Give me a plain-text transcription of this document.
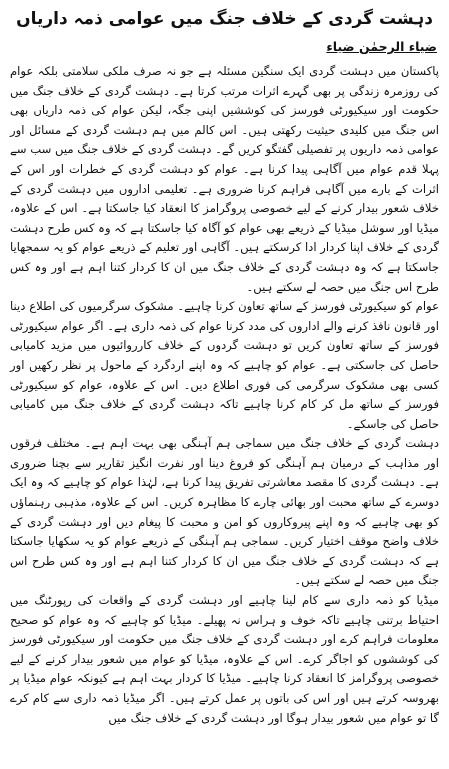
دہشت گردی کے خلاف جنگ میں عوامی ذمہ داریاں
ضیاء الرحمٰن ضیاء

پاکستان میں دہشت گردی ایک سنگین مسئلہ ہے جو نہ صرف ملکی سلامتی بلکہ عوام کی روزمرہ زندگی پر بھی گہرے اثرات مرتب کرتا ہے۔ دہشت گردی کے خلاف جنگ میں حکومت اور سیکیورٹی فورسز کی کوششیں اپنی جگہ، لیکن عوام کی ذمہ داریاں بھی اس جنگ میں کلیدی حیثیت رکھتی ہیں۔ اس کالم میں ہم دہشت گردی کے مسائل اور عوامی ذمہ داریوں پر تفصیلی گفتگو کریں گے۔ دہشت گردی کے خلاف جنگ میں سب سے پہلا قدم عوام میں آگاہی پیدا کرنا ہے۔ عوام کو دہشت گردی کے خطرات اور اس کے اثرات کے بارے میں آگاہی فراہم کرنا ضروری ہے۔ تعلیمی اداروں میں دہشت گردی کے خلاف شعور بیدار کرنے کے لیے خصوصی پروگرامز کا انعقاد کیا جاسکتا ہے۔ اس کے علاوہ، میڈیا اور سوشل میڈیا کے ذریعے بھی عوام کو آگاہ کیا جاسکتا ہے کہ وہ کس طرح دہشت گردی کے خلاف اپنا کردار ادا کرسکتے ہیں۔ آگاہی اور تعلیم کے ذریعے عوام کو یہ سمجھایا جاسکتا ہے کہ وہ دہشت گردی کے خلاف جنگ میں ان کا کردار کتنا اہم ہے اور وہ کس طرح اس جنگ میں حصہ لے سکتے ہیں۔

عوام کو سیکیورٹی فورسز کے ساتھ تعاون کرنا چاہیے۔ مشکوک سرگرمیوں کی اطلاع دینا اور قانون نافذ کرنے والے اداروں کی مدد کرنا عوام کی ذمہ داری ہے۔ اگر عوام سیکیورٹی فورسز کے ساتھ تعاون کریں تو دہشت گردوں کے خلاف کارروائیوں میں مزید کامیابی حاصل کی جاسکتی ہے۔ عوام کو چاہیے کہ وہ اپنے اردگرد کے ماحول پر نظر رکھیں اور کسی بھی مشکوک سرگرمی کی فوری اطلاع دیں۔ اس کے علاوہ، عوام کو سیکیورٹی فورسز کے ساتھ مل کر کام کرنا چاہیے تاکہ دہشت گردی کے خلاف جنگ میں کامیابی حاصل کی جاسکے۔

دہشت گردی کے خلاف جنگ میں سماجی ہم آہنگی بھی بہت اہم ہے۔ مختلف فرقوں اور مذاہب کے درمیان ہم آہنگی کو فروغ دینا اور نفرت انگیز تقاریر سے بچنا ضروری ہے۔ دہشت گردی کا مقصد معاشرتی تفریق پیدا کرنا ہے، لہٰذا عوام کو چاہیے کہ وہ ایک دوسرے کے ساتھ محبت اور بھائی چارے کا مظاہرہ کریں۔ اس کے علاوہ، مذہبی رہنماؤں کو بھی چاہیے کہ وہ اپنے پیروکاروں کو امن و محبت کا پیغام دیں اور دہشت گردی کے خلاف واضح موقف اختیار کریں۔ سماجی ہم آہنگی کے ذریعے عوام کو یہ سکھایا جاسکتا ہے کہ دہشت گردی کے خلاف جنگ میں ان کا کردار کتنا اہم ہے اور وہ کس طرح اس جنگ میں حصہ لے سکتے ہیں۔

میڈیا کو ذمہ داری سے کام لینا چاہیے اور دہشت گردی کے واقعات کی رپورٹنگ میں احتیاط برتنی چاہیے تاکہ خوف و ہراس نہ پھیلے۔ میڈیا کو چاہیے کہ وہ عوام کو صحیح معلومات فراہم کرے اور دہشت گردی کے خلاف جنگ میں حکومت اور سیکیورٹی فورسز کی کوششوں کو اجاگر کرے۔ اس کے علاوہ، میڈیا کو عوام میں شعور بیدار کرنے کے لیے خصوصی پروگرامز کا انعقاد کرنا چاہیے۔ میڈیا کا کردار بہت اہم ہے کیونکہ عوام میڈیا پر بھروسہ کرتے ہیں اور اس کی باتوں پر عمل کرتے ہیں۔ اگر میڈیا ذمہ داری سے کام کرے گا تو عوام میں شعور بیدار ہوگا اور دہشت گردی کے خلاف جنگ میں
